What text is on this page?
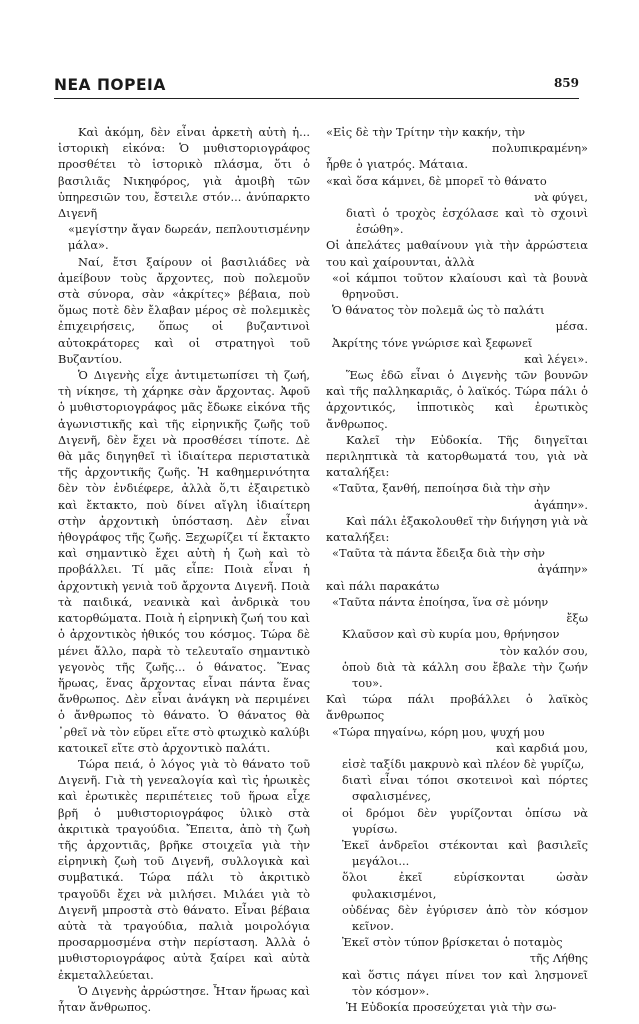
ΝΕΑ ΠΟΡΕΙΑ	859

Καὶ ἀκόμη, δὲν εἶναι ἀρκετὴ αὐτὴ ἡ... ἱστορικὴ εἰκόνα: Ὁ μυθιστοριογράφος προσθέτει τὸ ἱστορικὸ πλάσμα, ὅτι ὁ βασιλιᾶς Νικηφόρος, γιὰ ἀμοιβὴ τῶν ὑπηρεσιῶν του, ἔστειλε στόν... ἀνύπαρκτο Διγενῆ

«μεγίστην ἄγαν δωρεάν, πεπλουτισμένην μάλα».

Ναί, ἔτσι ξαίρουν οἱ βασιλιάδες νὰ ἀμείβουν τοὺς ἄρχοντες, ποὺ πολεμοῦν στὰ σύνορα, σὰν «ἀκρίτες» βέβαια, ποὺ ὅμως ποτὲ δὲν ἔλαβαν μέρος σὲ πολεμικὲς ἐπιχειρήσεις, ὅπως οἱ βυζαντινοὶ αὐτοκράτορες καὶ οἱ στρατηγοὶ τοῦ Βυζαντίου.

Ὁ Διγενὴς εἶχε ἀντιμετωπίσει τὴ ζωή, τὴ νίκησε, τὴ χάρηκε σὰν ἄρχοντας. Ἀφοῦ ὁ μυθιστοριογράφος μᾶς ἔδωκε εἰκόνα τῆς ἀγωνιστικῆς καὶ τῆς εἰρηνικῆς ζωῆς τοῦ Διγενῆ, δὲν ἔχει νὰ προσθέσει τίποτε. Δὲ θὰ μᾶς διηγηθεῖ τὶ ἰδιαίτερα περιστατικὰ τῆς ἀρχοντικῆς ζωῆς. Ἡ καθημερινότητα δὲν τὸν ἐνδιέφερε, ἀλλὰ ὅ,τι ἐξαιρετικὸ καὶ ἔκτακτο, ποὺ δίνει αἴγλη ἰδιαίτερη στὴν ἀρχοντικὴ ὑπόσταση. Δὲν εἶναι ἠθογράφος τῆς ζωῆς. Ξεχωρίζει τί ἔκτακτο καὶ σημαντικὸ ἔχει αὐτὴ ἡ ζωὴ καὶ τὸ προβάλλει. Τί μᾶς εἶπε: Ποιὰ εἶναι ἡ ἀρχοντικὴ γενιὰ τοῦ ἄρχοντα Διγενῆ. Ποιὰ τὰ παιδικά, νεανικὰ καὶ ἀνδρικὰ του κατορθώματα. Ποιὰ ἡ εἰρηνικὴ ζωή του καὶ ὁ ἀρχοντικὸς ἠθικός του κόσμος. Τώρα δὲ μένει ἄλλο, παρὰ τὸ τελευταῖο σημαντικὸ γεγονὸς τῆς ζωῆς... ὁ θάνατος. Ἕνας ἥρωας, ἕνας ἄρχοντας εἶναι πάντα ἕνας ἄνθρωπος. Δὲν εἶναι ἀνάγκη νὰ περιμένει ὁ ἄνθρωπος τὸ θάνατο. Ὁ θάνατος θὰ ᾽ρθεῖ νὰ τὸν εὕρει εἴτε στὸ φτωχικὸ καλύβι κατοικεῖ εἴτε στὸ ἀρχοντικὸ παλάτι.

Τώρα πειά, ὁ λόγος γιὰ τὸ θάνατο τοῦ Διγενῆ. Γιὰ τὴ γενεαλογία καὶ τὶς ἡρωικὲς καὶ ἐρωτικὲς περιπέτειες τοῦ ἥρωα εἶχε βρῆ ὁ μυθιστοριογράφος ὑλικὸ στὰ ἀκριτικὰ τραγούδια. Ἔπειτα, ἀπὸ τὴ ζωὴ τῆς ἀρχοντιᾶς, βρῆκε στοιχεῖα γιὰ τὴν εἰρηνικὴ ζωὴ τοῦ Διγενῆ, συλλογικὰ καὶ συμβατικά. Τώρα πάλι τὸ ἀκριτικὸ τραγοῦδι ἔχει νὰ μιλήσει. Μιλάει γιὰ τὸ Διγενῆ μπροστὰ στὸ θάνατο. Εἶναι βέβαια αὐτὰ τὰ τραγούδια, παλιὰ μοιρολόγια προσαρμοσμένα στὴν περίσταση. Ἀλλὰ ὁ μυθιστοριογράφος αὐτὰ ξαίρει καὶ αὐτὰ ἐκμεταλλεύεται.

Ὁ Διγενὴς ἀρρώστησε. Ἦταν ἥρωας καὶ ἦταν ἄνθρωπος.

«Εἰς δὲ τὴν Τρίτην τὴν κακήν, τὴν

πολυπικραμένη»

ἦρθε ὁ γιατρός. Μάταια.

«καὶ ὅσα κάμνει, δὲ μπορεῖ τὸ θάνατο

νὰ φύγει,

διατὶ ὁ τροχὸς ἐσχόλασε καὶ τὸ σχοινὶ ἐσώθη».

Οἱ ἀπελάτες μαθαίνουν γιὰ τὴν ἀρρώστεια του καὶ χαίρουνται, ἀλλὰ

«οἱ κάμποι τοῦτον κλαίουσι καὶ τὰ βουνὰ θρηνοῦσι.

Ὁ θάνατος τὸν πολεμᾶ ὡς τὸ παλάτι

μέσα.

Ἀκρίτης τόνε γνώρισε καὶ ξεφωνεῖ

καὶ λέγει».

Ἕως ἐδῶ εἶναι ὁ Διγενὴς τῶν βουνῶν καὶ τῆς παλληκαριᾶς, ὁ λαϊκός. Τώρα πάλι ὁ ἀρχοντικός, ἱπποτικὸς καὶ ἐρωτικὸς ἄνθρωπος.

Καλεῖ τὴν Εὐδοκία. Τῆς διηγεῖται περιληπτικὰ τὰ κατορθωματά του, γιὰ νὰ καταλήξει:

«Ταῦτα, ξανθή, πεποίησα διὰ τὴν σὴν

ἀγάπην».

Καὶ πάλι ἐξακολουθεῖ τὴν διήγηση γιὰ νὰ καταλήξει:

«Ταῦτα τὰ πάντα ἔδειξα διὰ τὴν σὴν

ἀγάπην»

καὶ πάλι παρακάτω

«Ταῦτα πάντα ἐποίησα, ἵνα σὲ μόνην

ἔξω

Κλαῦσον καὶ σὺ κυρία μου, θρήνησον

τὸν καλόν σου,

ὁποὺ διὰ τὰ κάλλη σου ἔβαλε τὴν ζωήν του».

Καὶ τώρα πάλι προβάλλει ὁ λαϊκὸς ἄνθρωπος

«Τώρα πηγαίνω, κόρη μου, ψυχή μου

καὶ καρδιά μου,

εἰσὲ ταξίδι μακρυνὸ καὶ πλέον δὲ γυρίζω,

διατὶ εἶναι τόποι σκοτεινοὶ καὶ πόρτες σφαλισμένες,

οἱ δρόμοι δὲν γυρίζονται ὀπίσω νὰ γυρίσω.

Ἐκεῖ ἀνδρεῖοι στέκονται καὶ βασιλεῖς μεγάλοι...

ὅλοι ἐκεῖ εὑρίσκονται ὡσὰν φυλακισμένοι,

οὐδένας δὲν ἐγύρισεν ἀπὸ τὸν κόσμον κεῖνον.

Ἐκεῖ στὸν τύπον βρίσκεται ὁ ποταμὸς

τῆς Λήθης

καὶ ὅστις πάγει πίνει τον καὶ λησμονεῖ τὸν κόσμον».

Ἡ Εὐδοκία προσεύχεται γιὰ τὴν σω-
